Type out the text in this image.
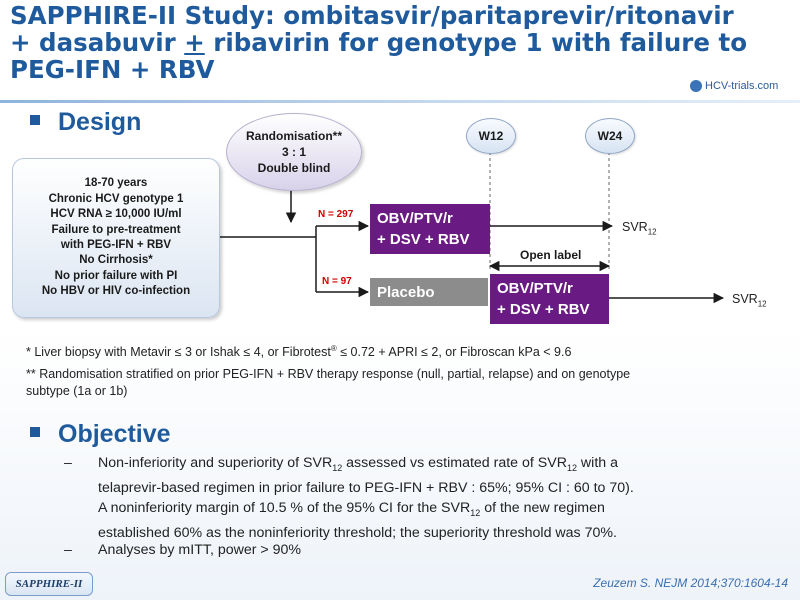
SAPPHIRE-II Study: ombitasvir/paritaprevir/ritonavir
+ dasabuvir + ribavirin for genotype 1 with failure to
PEG-IFN + RBV
HCV-trials.com
Design
18-70 years
Chronic HCV genotype 1
HCV RNA ≥ 10,000 IU/ml
Failure to pre-treatment
with PEG-IFN + RBV
No Cirrhosis*
No prior failure with PI
No HBV or HIV co-infection
Randomisation**
3 : 1
Double blind
W12	W24
N = 297
N = 97
OBV/PTV/r
+ DSV + RBV
Placebo	OBV/PTV/r
+ DSV + RBV
Open label
$SVR_{12}$
$SVR_{12}$
* Liver biopsy with Metavir ≤ 3 or Ishak ≤ 4, or Fibrotest® ≤ 0.72 + APRI ≤ 2, or Fibroscan kPa < 9.6
** Randomisation stratified on prior PEG-IFN + RBV therapy response (null, partial, relapse) and on genotype
subtype (1a or 1b)
Objective
– Non-inferiority and superiority of $SVR_{12}$ assessed vs estimated rate of $SVR_{12}$ with a
telaprevir-based regimen in prior failure to PEG-IFN + RBV : 65%; 95% CI : 60 to 70).
A noninferiority margin of 10.5 % of the 95% CI for the $SVR_{12}$ of the new regimen
established 60% as the noninferiority threshold; the superiority threshold was 70%.
– Analyses by mITT, power > 90%
SAPPHIRE-II	Zeuzem S. NEJM 2014;370:1604-14
